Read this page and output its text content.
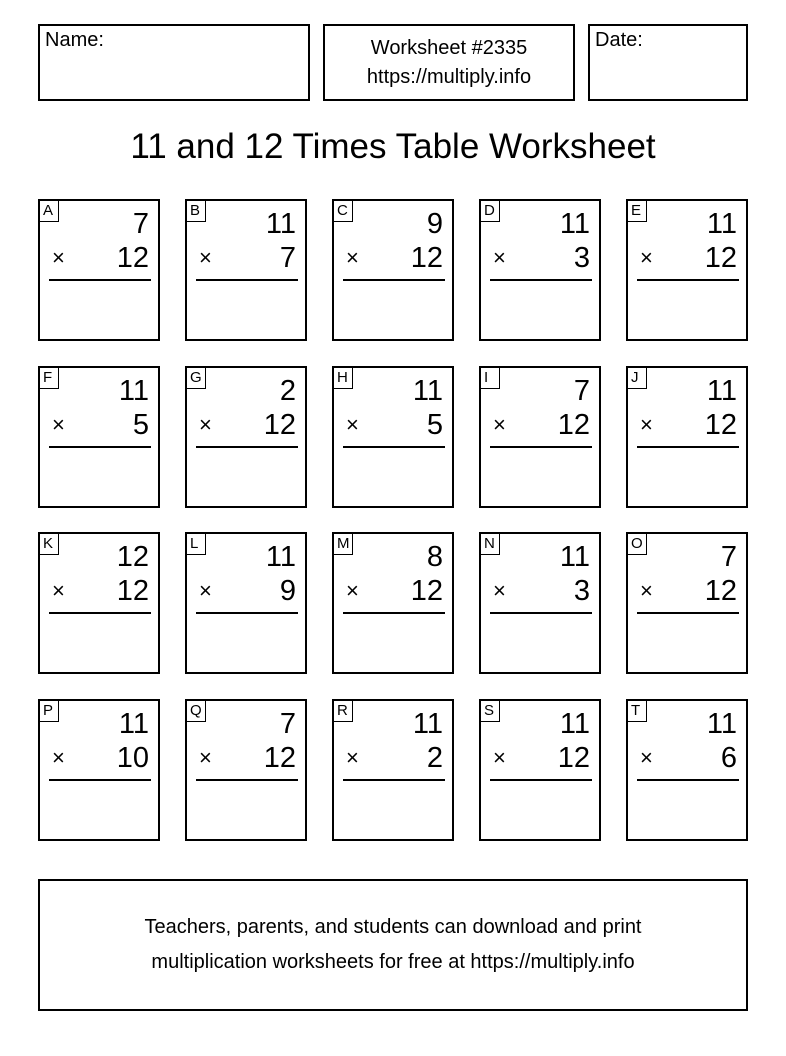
Name:	Worksheet #2335
https://multiply.info
Date:
11 and 12 Times Table Worksheet
A	7
× 12
B 11
× 7
C	9
× 12
D 11
× 3
E 11
× 12
F 11
× 5
G	2
× 12
H 11
× 5
I	7
× 12
J 11
× 12
K 12
× 12
L 11
× 9
M	8
× 12
N 11
× 3
O	7
× 12
P 11
× 10
Q	7
× 12
R 11
× 2
S 11
× 12
T 11
× 6
Teachers, parents, and students can download and print
multiplication worksheets for free at https://multiply.info
